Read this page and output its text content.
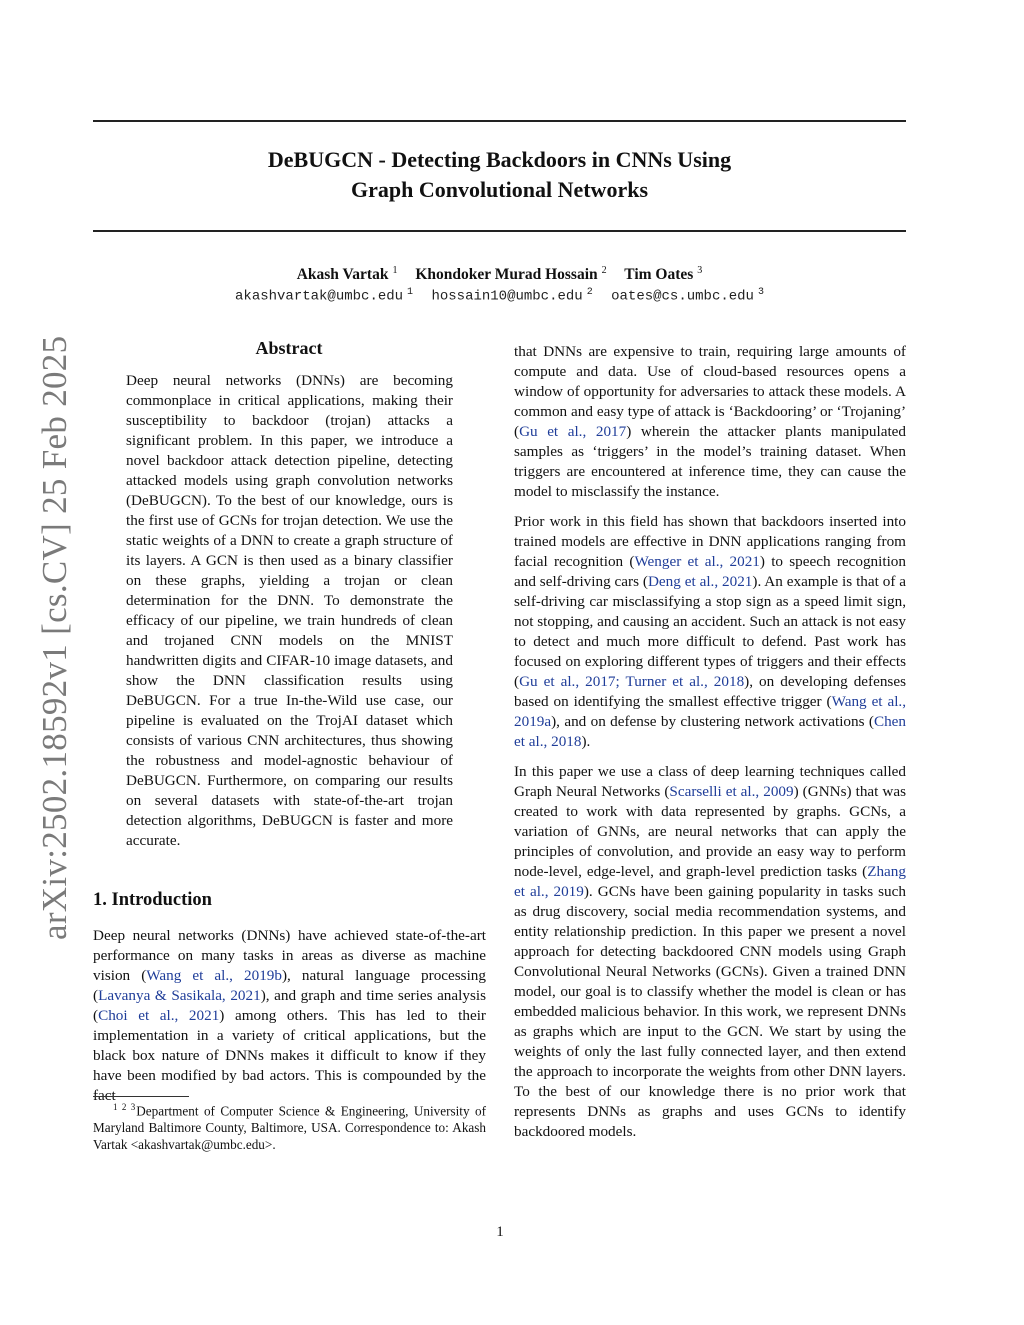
arXiv:2502.18592v1 [cs.CV] 25 Feb 2025
DeBUGCN - Detecting Backdoors in CNNs Using
Graph Convolutional Networks
Akash Vartak $^1$ Khondoker Murad Hossain $^2$ Tim Oates $^3$
akashvartak@umbc.edu $^1$ hossain10@umbc.edu $^2$ oates@cs.umbc.edu $^3$
Abstract
Deep neural networks (DNNs) are becoming commonplace in critical applications, making their susceptibility to backdoor (trojan) attacks a significant problem. In this paper, we introduce a novel backdoor attack detection pipeline, detecting attacked models using graph convolution networks (DeBUGCN). To the best of our knowledge, ours is the first use of GCNs for trojan detection. We use the static weights of a DNN to create a graph structure of its layers. A GCN is then used as a binary classifier on these graphs, yielding a trojan or clean determination for the DNN. To demonstrate the efficacy of our pipeline, we train hundreds of clean and trojaned CNN models on the MNIST handwritten digits and CIFAR-10 image datasets, and show the DNN classification results using DeBUGCN. For a true In-the-Wild use case, our pipeline is evaluated on the TrojAI dataset which consists of various CNN architectures, thus showing the robustness and model-agnostic behaviour of DeBUGCN. Furthermore, on comparing our results on several datasets with state-of-the-art trojan detection algorithms, DeBUGCN is faster and more accurate.
1. Introduction
Deep neural networks (DNNs) have achieved state-of-the-art performance on many tasks in areas as diverse as machine vision (Wang et al., 2019b), natural language processing (Lavanya & Sasikala, 2021), and graph and time series analysis (Choi et al., 2021) among others. This has led to their implementation in a variety of critical applications, but the black box nature of DNNs makes it difficult to know if they have been modified by bad actors. This is compounded by the fact
$^{1 2 3}$Department of Computer Science & Engineering, University of Maryland Baltimore County, Baltimore, USA. Correspondence to: Akash Vartak <akashvartak@umbc.edu>.

that DNNs are expensive to train, requiring large amounts of compute and data. Use of cloud-based resources opens a window of opportunity for adversaries to attack these models. A common and easy type of attack is ‘Backdooring’ or ‘Trojaning’ (Gu et al., 2017) wherein the attacker plants manipulated samples as ‘triggers’ in the model’s training dataset. When triggers are encountered at inference time, they can cause the model to misclassify the instance.

Prior work in this field has shown that backdoors inserted into trained models are effective in DNN applications ranging from facial recognition (Wenger et al., 2021) to speech recognition and self-driving cars (Deng et al., 2021). An example is that of a self-driving car misclassifying a stop sign as a speed limit sign, not stopping, and causing an accident. Such an attack is not easy to detect and much more difficult to defend. Past work has focused on exploring different types of triggers and their effects (Gu et al., 2017; Turner et al., 2018), on developing defenses based on identifying the smallest effective trigger (Wang et al., 2019a), and on defense by clustering network activations (Chen et al., 2018).

In this paper we use a class of deep learning techniques called Graph Neural Networks (Scarselli et al., 2009) (GNNs) that was created to work with data represented by graphs. GCNs, a variation of GNNs, are neural networks that can apply the principles of convolution, and provide an easy way to perform node-level, edge-level, and graph-level prediction tasks (Zhang et al., 2019). GCNs have been gaining popularity in tasks such as drug discovery, social media recommendation systems, and entity relationship prediction. In this paper we present a novel approach for detecting backdoored CNN models using Graph Convolutional Neural Networks (GCNs). Given a trained DNN model, our goal is to classify whether the model is clean or has embedded malicious behavior. In this work, we represent DNNs as graphs which are input to the GCN. We start by using the weights of only the last fully connected layer, and then extend the approach to incorporate the weights from other DNN layers. To the best of our knowledge there is no prior work that represents DNNs as graphs and uses GCNs to identify backdoored models.

1
